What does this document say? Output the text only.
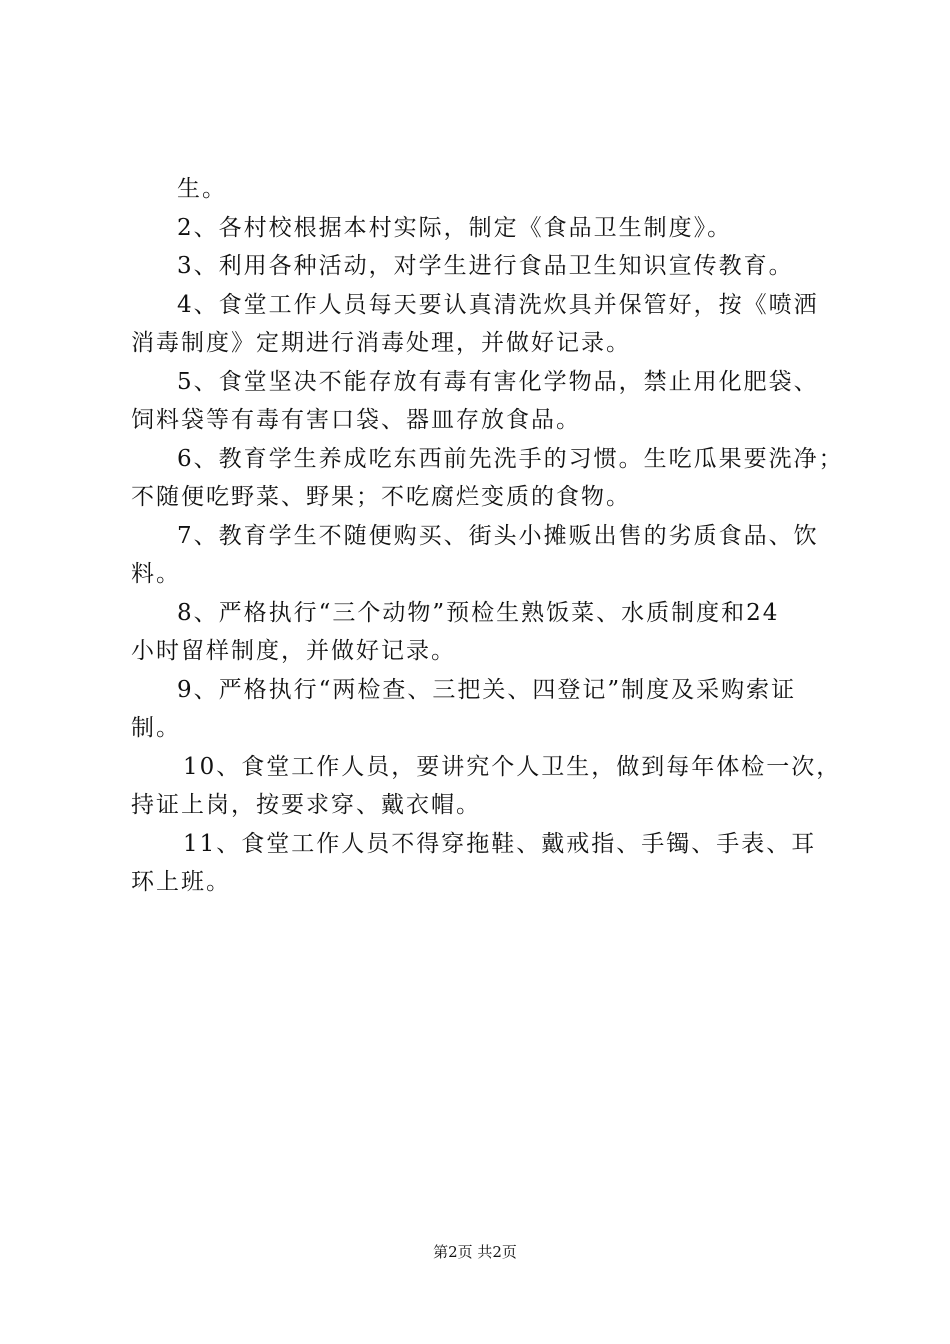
生。
2、各村校根据本村实际，制定《食品卫生制度》。
3、利用各种活动，对学生进行食品卫生知识宣传教育。
4、食堂工作人员每天要认真清洗炊具并保管好，按《喷洒
消毒制度》定期进行消毒处理，并做好记录。
5、食堂坚决不能存放有毒有害化学物品，禁止用化肥袋、
饲料袋等有毒有害口袋、器皿存放食品。
6、教育学生养成吃东西前先洗手的习惯。生吃瓜果要洗净；
不随便吃野菜、野果；不吃腐烂变质的食物。
7、教育学生不随便购买、街头小摊贩出售的劣质食品、饮
料。
8、严格执行“三个动物”预检生熟饭菜、水质制度和24
小时留样制度，并做好记录。
9、严格执行“两检查、三把关、四登记”制度及采购索证
制。
10、食堂工作人员，要讲究个人卫生，做到每年体检一次，
持证上岗，按要求穿、戴衣帽。
11、食堂工作人员不得穿拖鞋、戴戒指、手镯、手表、耳
环上班。
第2页 共2页
